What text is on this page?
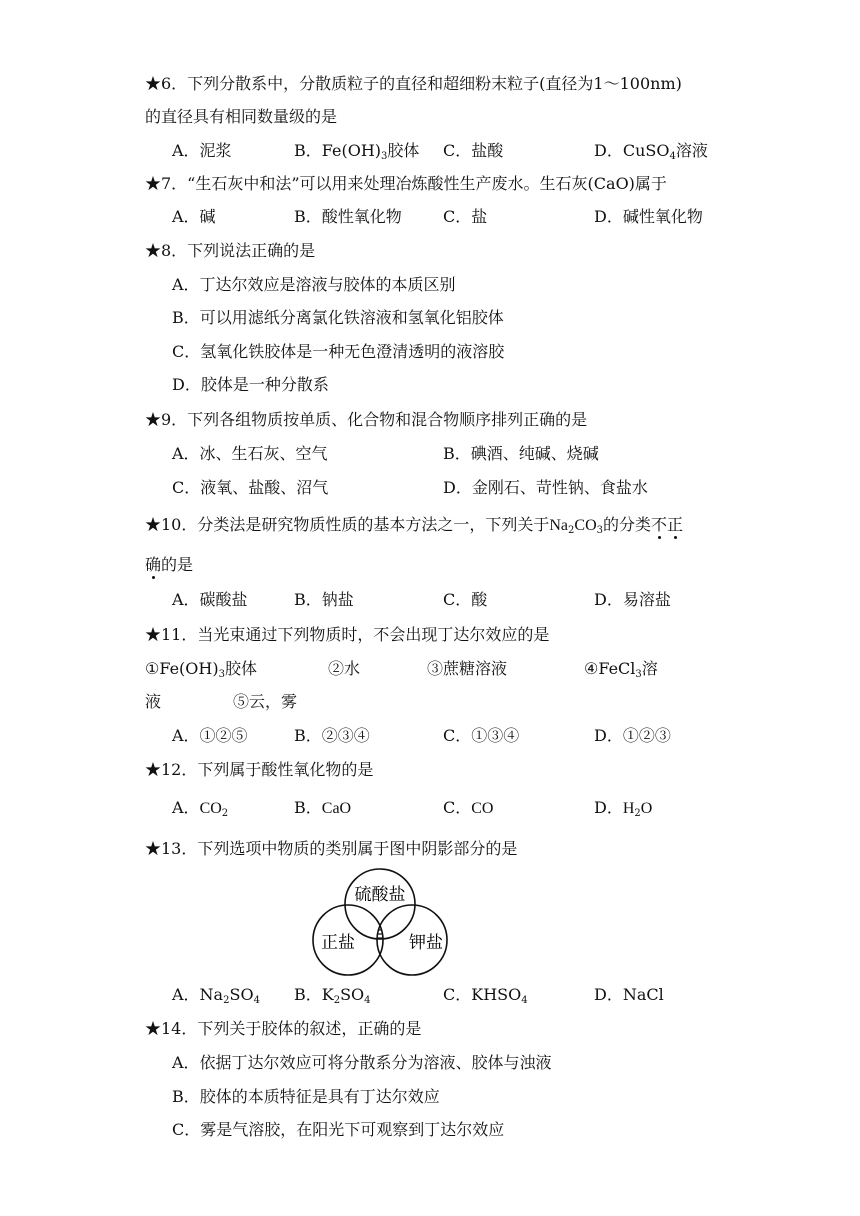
★6．下列分散系中，分散质粒子的直径和超细粉末粒子(直径为1～100nm)
的直径具有相同数量级的是
A．泥浆	B．$Fe(OH)_3$胶体 C．盐酸	D．CuSO$_4$溶液
★7．“生石灰中和法”可以用来处理冶炼酸性生产废水。生石灰(CaO)属于
A．碱	B．酸性氧化物	C．盐	D．碱性氧化物
★8．下列说法正确的是
A．丁达尔效应是溶液与胶体的本质区别
B．可以用滤纸分离氯化铁溶液和氢氧化铝胶体
C．氢氧化铁胶体是一种无色澄清透明的液溶胶
D．胶体是一种分散系
★9．下列各组物质按单质、化合物和混合物顺序排列正确的是
A．冰、生石灰、空气	B．碘酒、纯碱、烧碱
C．液氧、盐酸、沼气	D．金刚石、苛性钠、食盐水
★10．分类法是研究物质性质的基本方法之一，下列关于$Na_2CO_3$的分类不正
确的是
A．碳酸盐	B．钠盐	C．酸	D．易溶盐
★11．当光束通过下列物质时，不会出现丁达尔效应的是
$①Fe(OH)_3$胶体	②水	③蔗糖溶液	④FeCl$_3$溶
液	⑤云，雾
A．①②⑤	B．②③④	C．①③④	D．①②③
★12．下列属于酸性氧化物的是
A．$CO_2$	B．CaO	C．CO	D．$H_2O$
★13．下列选项中物质的类别属于图中阴影部分的是
硫酸盐
正盐	钾盐
A．$Na_2SO_4$ B．$K_2SO_4$	C．$KHSO_4$	D．NaCl
★14．下列关于胶体的叙述，正确的是
A．依据丁达尔效应可将分散系分为溶液、胶体与浊液
B．胶体的本质特征是具有丁达尔效应
C．雾是气溶胶，在阳光下可观察到丁达尔效应
